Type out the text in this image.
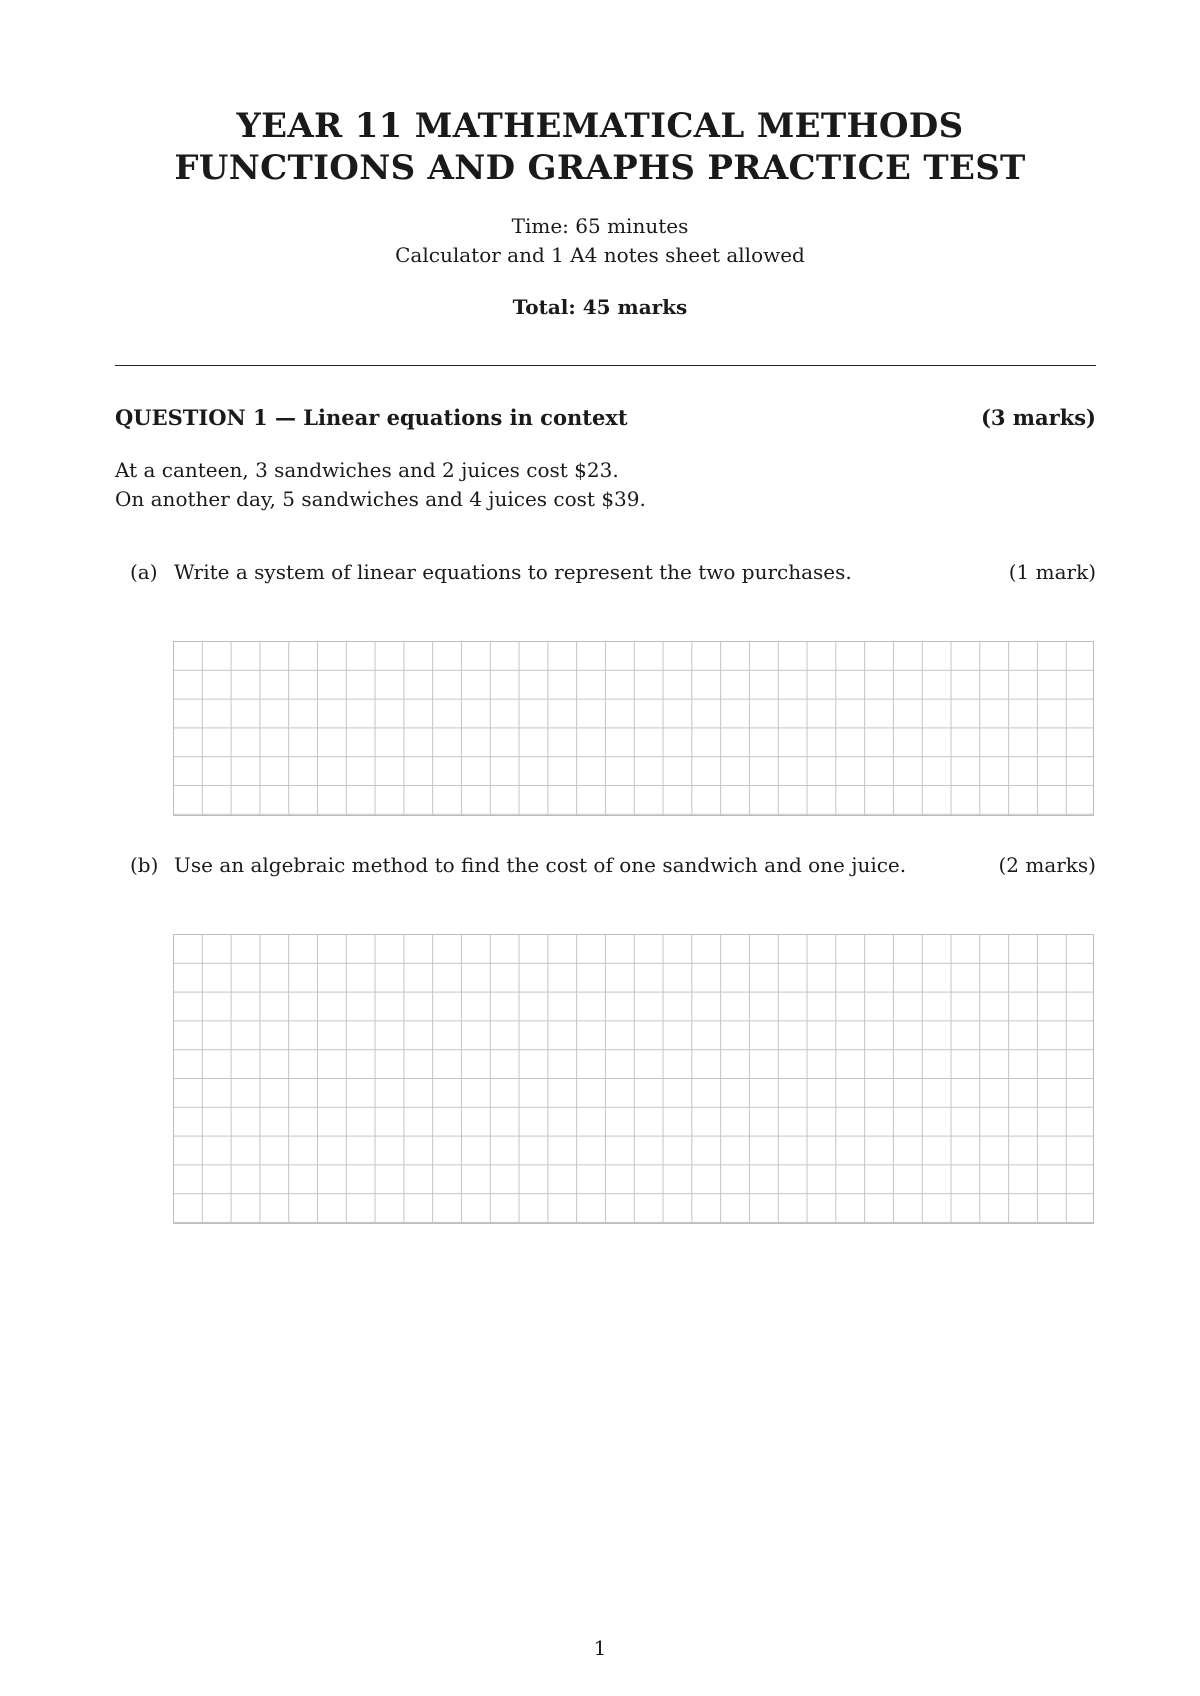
YEAR 11 MATHEMATICAL METHODS
FUNCTIONS AND GRAPHS PRACTICE TEST
Time: 65 minutes
Calculator and 1 A4 notes sheet allowed
Total: 45 marks
QUESTION 1 — Linear equations in context	(3 marks)
At a canteen, 3 sandwiches and 2 juices cost $23.
On another day, 5 sandwiches and 4 juices cost $39.
(a) Write a system of linear equations to represent the two purchases.	(1 mark)
(b) Use an algebraic method to find the cost of one sandwich and one juice.	(2 marks)
1
